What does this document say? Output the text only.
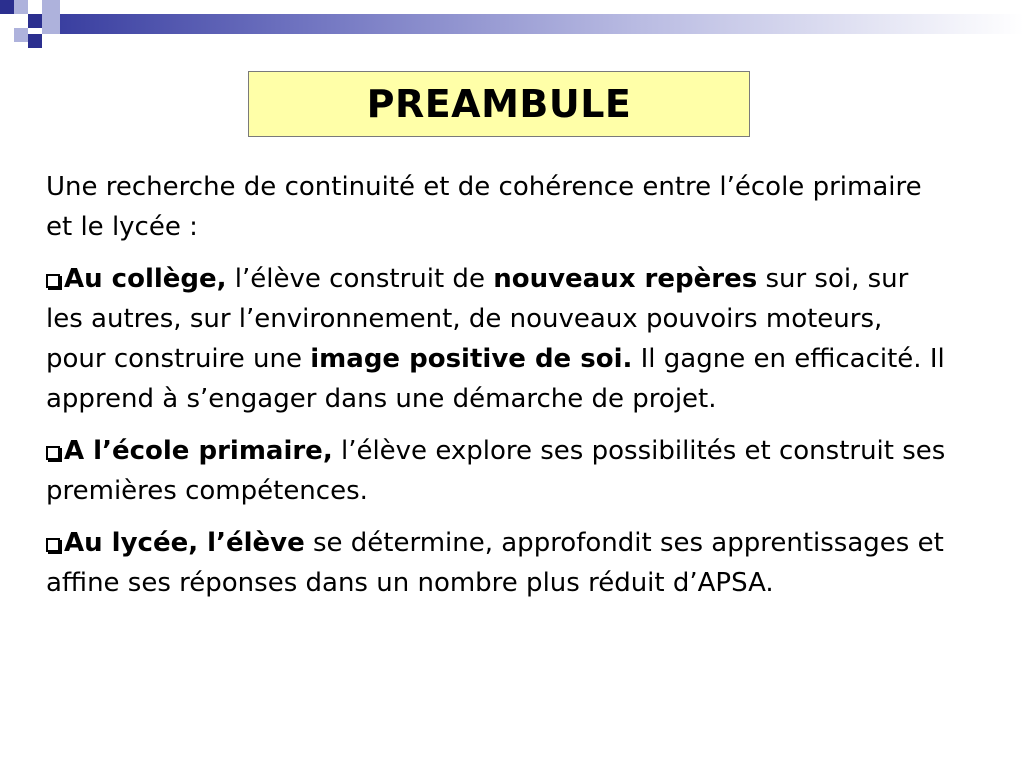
PREAMBULE

Une recherche de continuité et de cohérence entre l’école primaire et le lycée :

Au collège, l’élève construit de nouveaux repères sur soi, sur les autres, sur l’environnement, de nouveaux pouvoirs moteurs, pour construire une image positive de soi. Il gagne en efficacité. Il apprend à s’engager dans une démarche de projet.

A l’école primaire, l’élève explore ses possibilités et construit ses premières compétences.

Au lycée, l’élève se détermine, approfondit ses apprentissages et affine ses réponses dans un nombre plus réduit d’APSA.
